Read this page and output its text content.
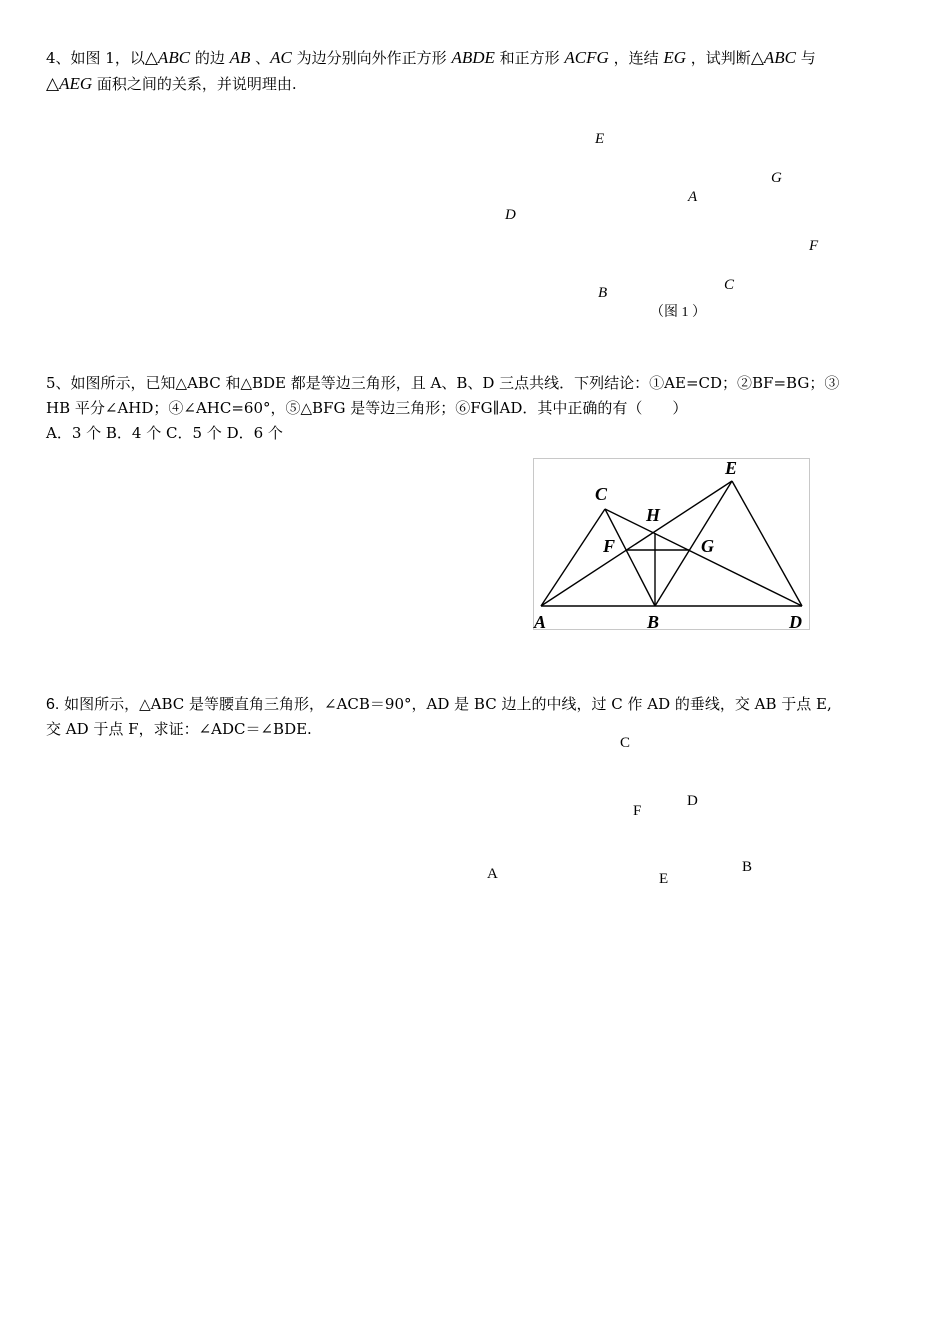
4、如图 1，以△ABC 的边 AB 、AC 为边分别向外作正方形 ABDE 和正方形 ACFG ，连结 EG ，试判断△ABC 与
△AEG 面积之间的关系，并说明理由.
E
G
A
D
F
C
B
（图 1 ）
5、如图所示，已知△ABC 和△BDE 都是等边三角形，且 A、B、D 三点共线．下列结论：①AE=CD；②BF=BG；③
HB 平分∠AHD；④∠AHC=60°，⑤△BFG 是等边三角形；⑥FG∥AD．其中正确的有（　　）
A．3 个 B．4 个 C．5 个 D．6 个
A	B
C
D
E
F	G
H
6. 如图所示，△ABC 是等腰直角三角形，∠ACB＝90°，AD 是 BC 边上的中线，过 C 作 AD 的垂线，交 AB 于点 E,
交 AD 于点 F，求证：∠ADC＝∠BDE.
C
D
F
B
A	E
